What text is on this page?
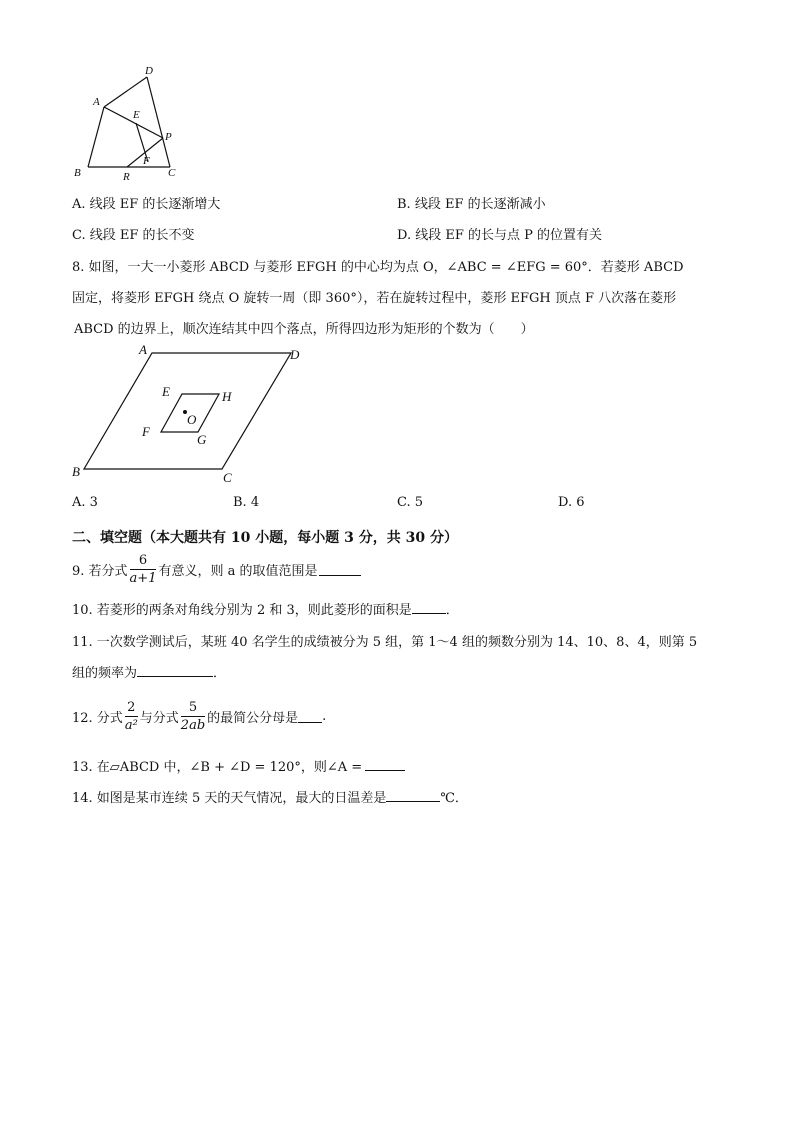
D
A
E
P
F
B	R	C
A. 线段 EF 的长逐渐增大	B. 线段 EF 的长逐渐减小
C. 线段 EF 的长不变	D. 线段 EF 的长与点 P 的位置有关
8. 如图，一大一小菱形 ABCD 与菱形 EFGH 的中心均为点 O，∠ABC = ∠EFG = 60°．若菱形 ABCD
固定，将菱形 EFGH 绕点 O 旋转一周（即 360°），若在旋转过程中，菱形 EFGH 顶点 F 八次落在菱形
ABCD 的边界上，顺次连结其中四个落点，所得四边形为矩形的个数为（　　）
A	D
B	C
E	H
O
F
G
A. 3	B. 4	C. 5	D. 6
二、填空题（本大题共有 10 小题，每小题 3 分，共 30 分）
9. 若分式 $\frac{6}{a+1}$ 有意义，则 a 的取值范围是
10. 若菱形的两条对角线分别为 2 和 3，则此菱形的面积是	．
11. 一次数学测试后，某班 40 名学生的成绩被分为 5 组，第 1～4 组的频数分别为 14、10、8、4，则第 5
组的频率为	．
12. 分式 $\frac{2}{\text{a²}}$ 与分式 $\frac{5}{2ab}$ 的最简公分母是 .
13. 在▱ABCD 中，∠B + ∠D = 120°，则∠A =
14. 如图是某市连续 5 天的天气情况，最大的日温差是	℃．
